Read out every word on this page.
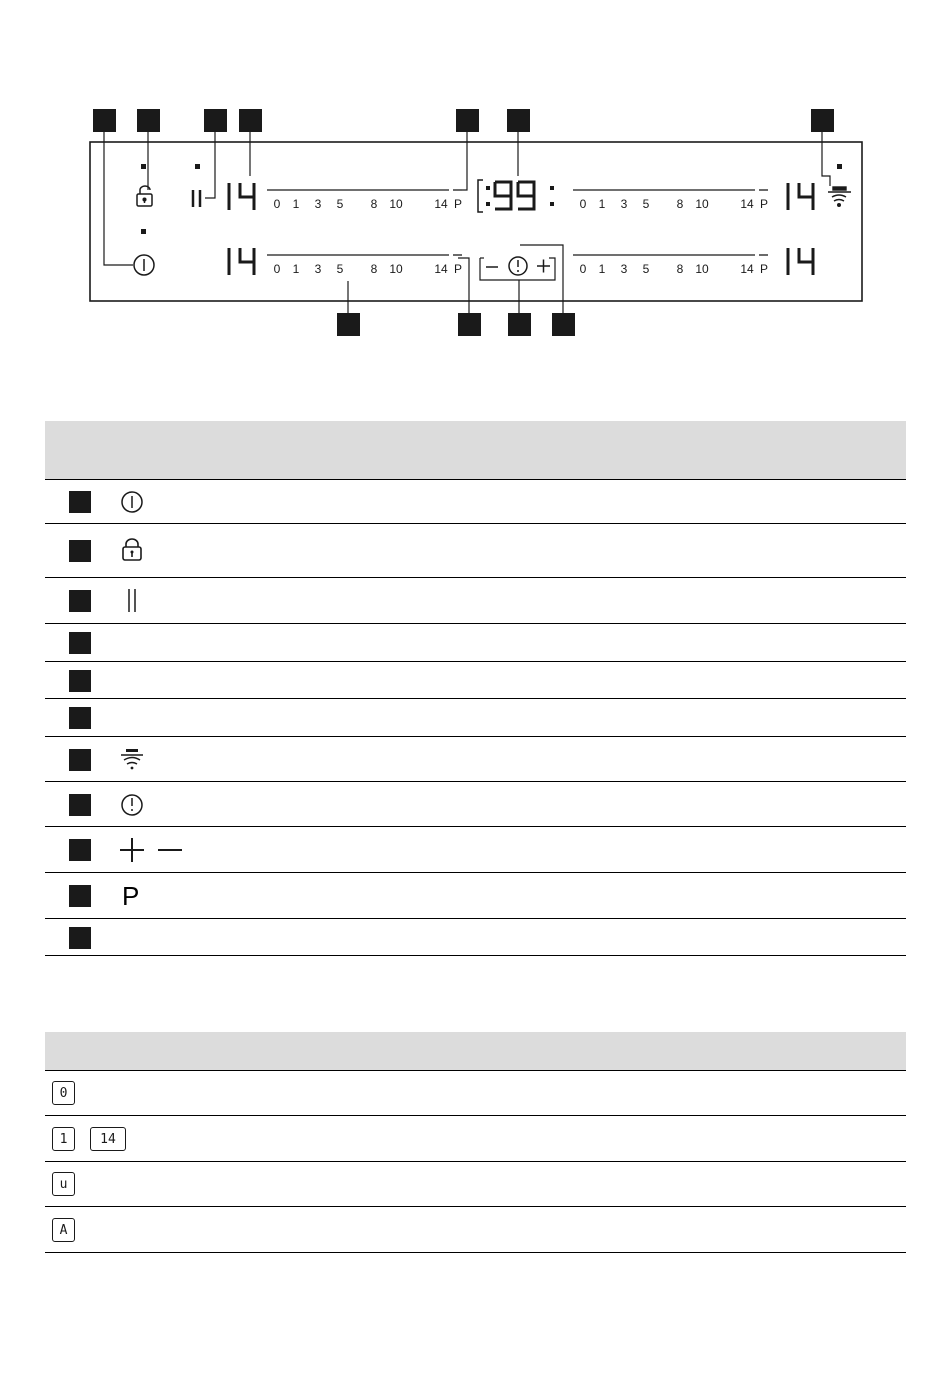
0 1 3 5 8 10	14 P
0 1 3 5 8 10	14 P
0 1 3 5 8 10	14 P
0 1 3 5 8 10	14 P
P
0
1	14
u
A
